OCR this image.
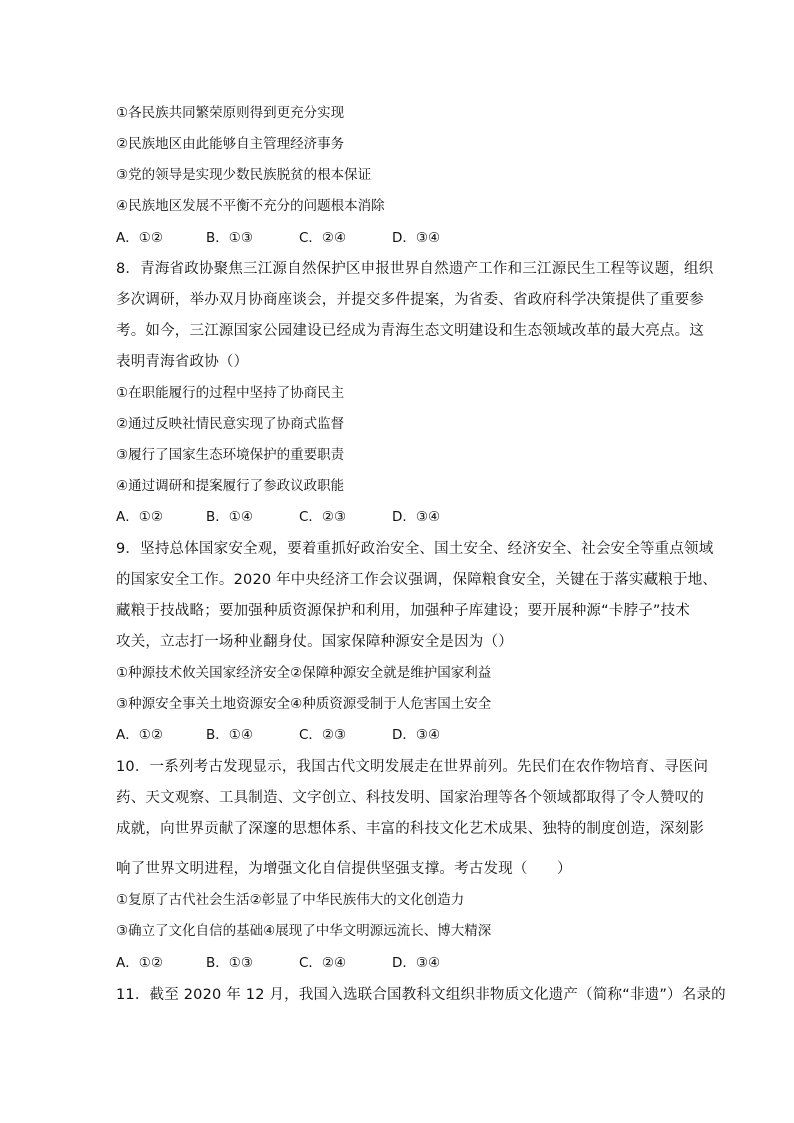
①各民族共同繁荣原则得到更充分实现
②民族地区由此能够自主管理经济事务
③党的领导是实现少数民族脱贫的根本保证
④民族地区发展不平衡不充分的问题根本消除
A．①②	B．①③	C．②④	D．③④
8．青海省政协聚焦三江源自然保护区申报世界自然遗产工作和三江源民生工程等议题，组织
多次调研，举办双月协商座谈会，并提交多件提案，为省委、省政府科学决策提供了重要参
考。如今，三江源国家公园建设已经成为青海生态文明建设和生态领域改革的最大亮点。这
表明青海省政协（）
①在职能履行的过程中坚持了协商民主
②通过反映社情民意实现了协商式监督
③履行了国家生态环境保护的重要职责
④通过调研和提案履行了参政议政职能
A．①②	B．①④	C．②③	D．③④
9．坚持总体国家安全观，要着重抓好政治安全、国土安全、经济安全、社会安全等重点领域
的国家安全工作。2020 年中央经济工作会议强调，保障粮食安全，关键在于落实藏粮于地、
藏粮于技战略；要加强种质资源保护和利用，加强种子库建设；要开展种源“卡脖子”技术
攻关，立志打一场种业翻身仗。国家保障种源安全是因为（）
①种源技术攸关国家经济安全②保障种源安全就是维护国家利益
③种源安全事关土地资源安全④种质资源受制于人危害国土安全
A．①②	B．①④	C．②③	D．③④
10．一系列考古发现显示，我国古代文明发展走在世界前列。先民们在农作物培育、寻医问
药、天文观察、工具制造、文字创立、科技发明、国家治理等各个领域都取得了令人赞叹的
成就，向世界贡献了深邃的思想体系、丰富的科技文化艺术成果、独特的制度创造，深刻影
响了世界文明进程，为增强文化自信提供坚强支撑。考古发现（　　）
①复原了古代社会生活②彰显了中华民族伟大的文化创造力
③确立了文化自信的基础④展现了中华文明源远流长、博大精深
A．①②	B．①③	C．②④	D．③④
11．截至 2020 年 12 月，我国入选联合国教科文组织非物质文化遗产（简称“非遗”）名录的
